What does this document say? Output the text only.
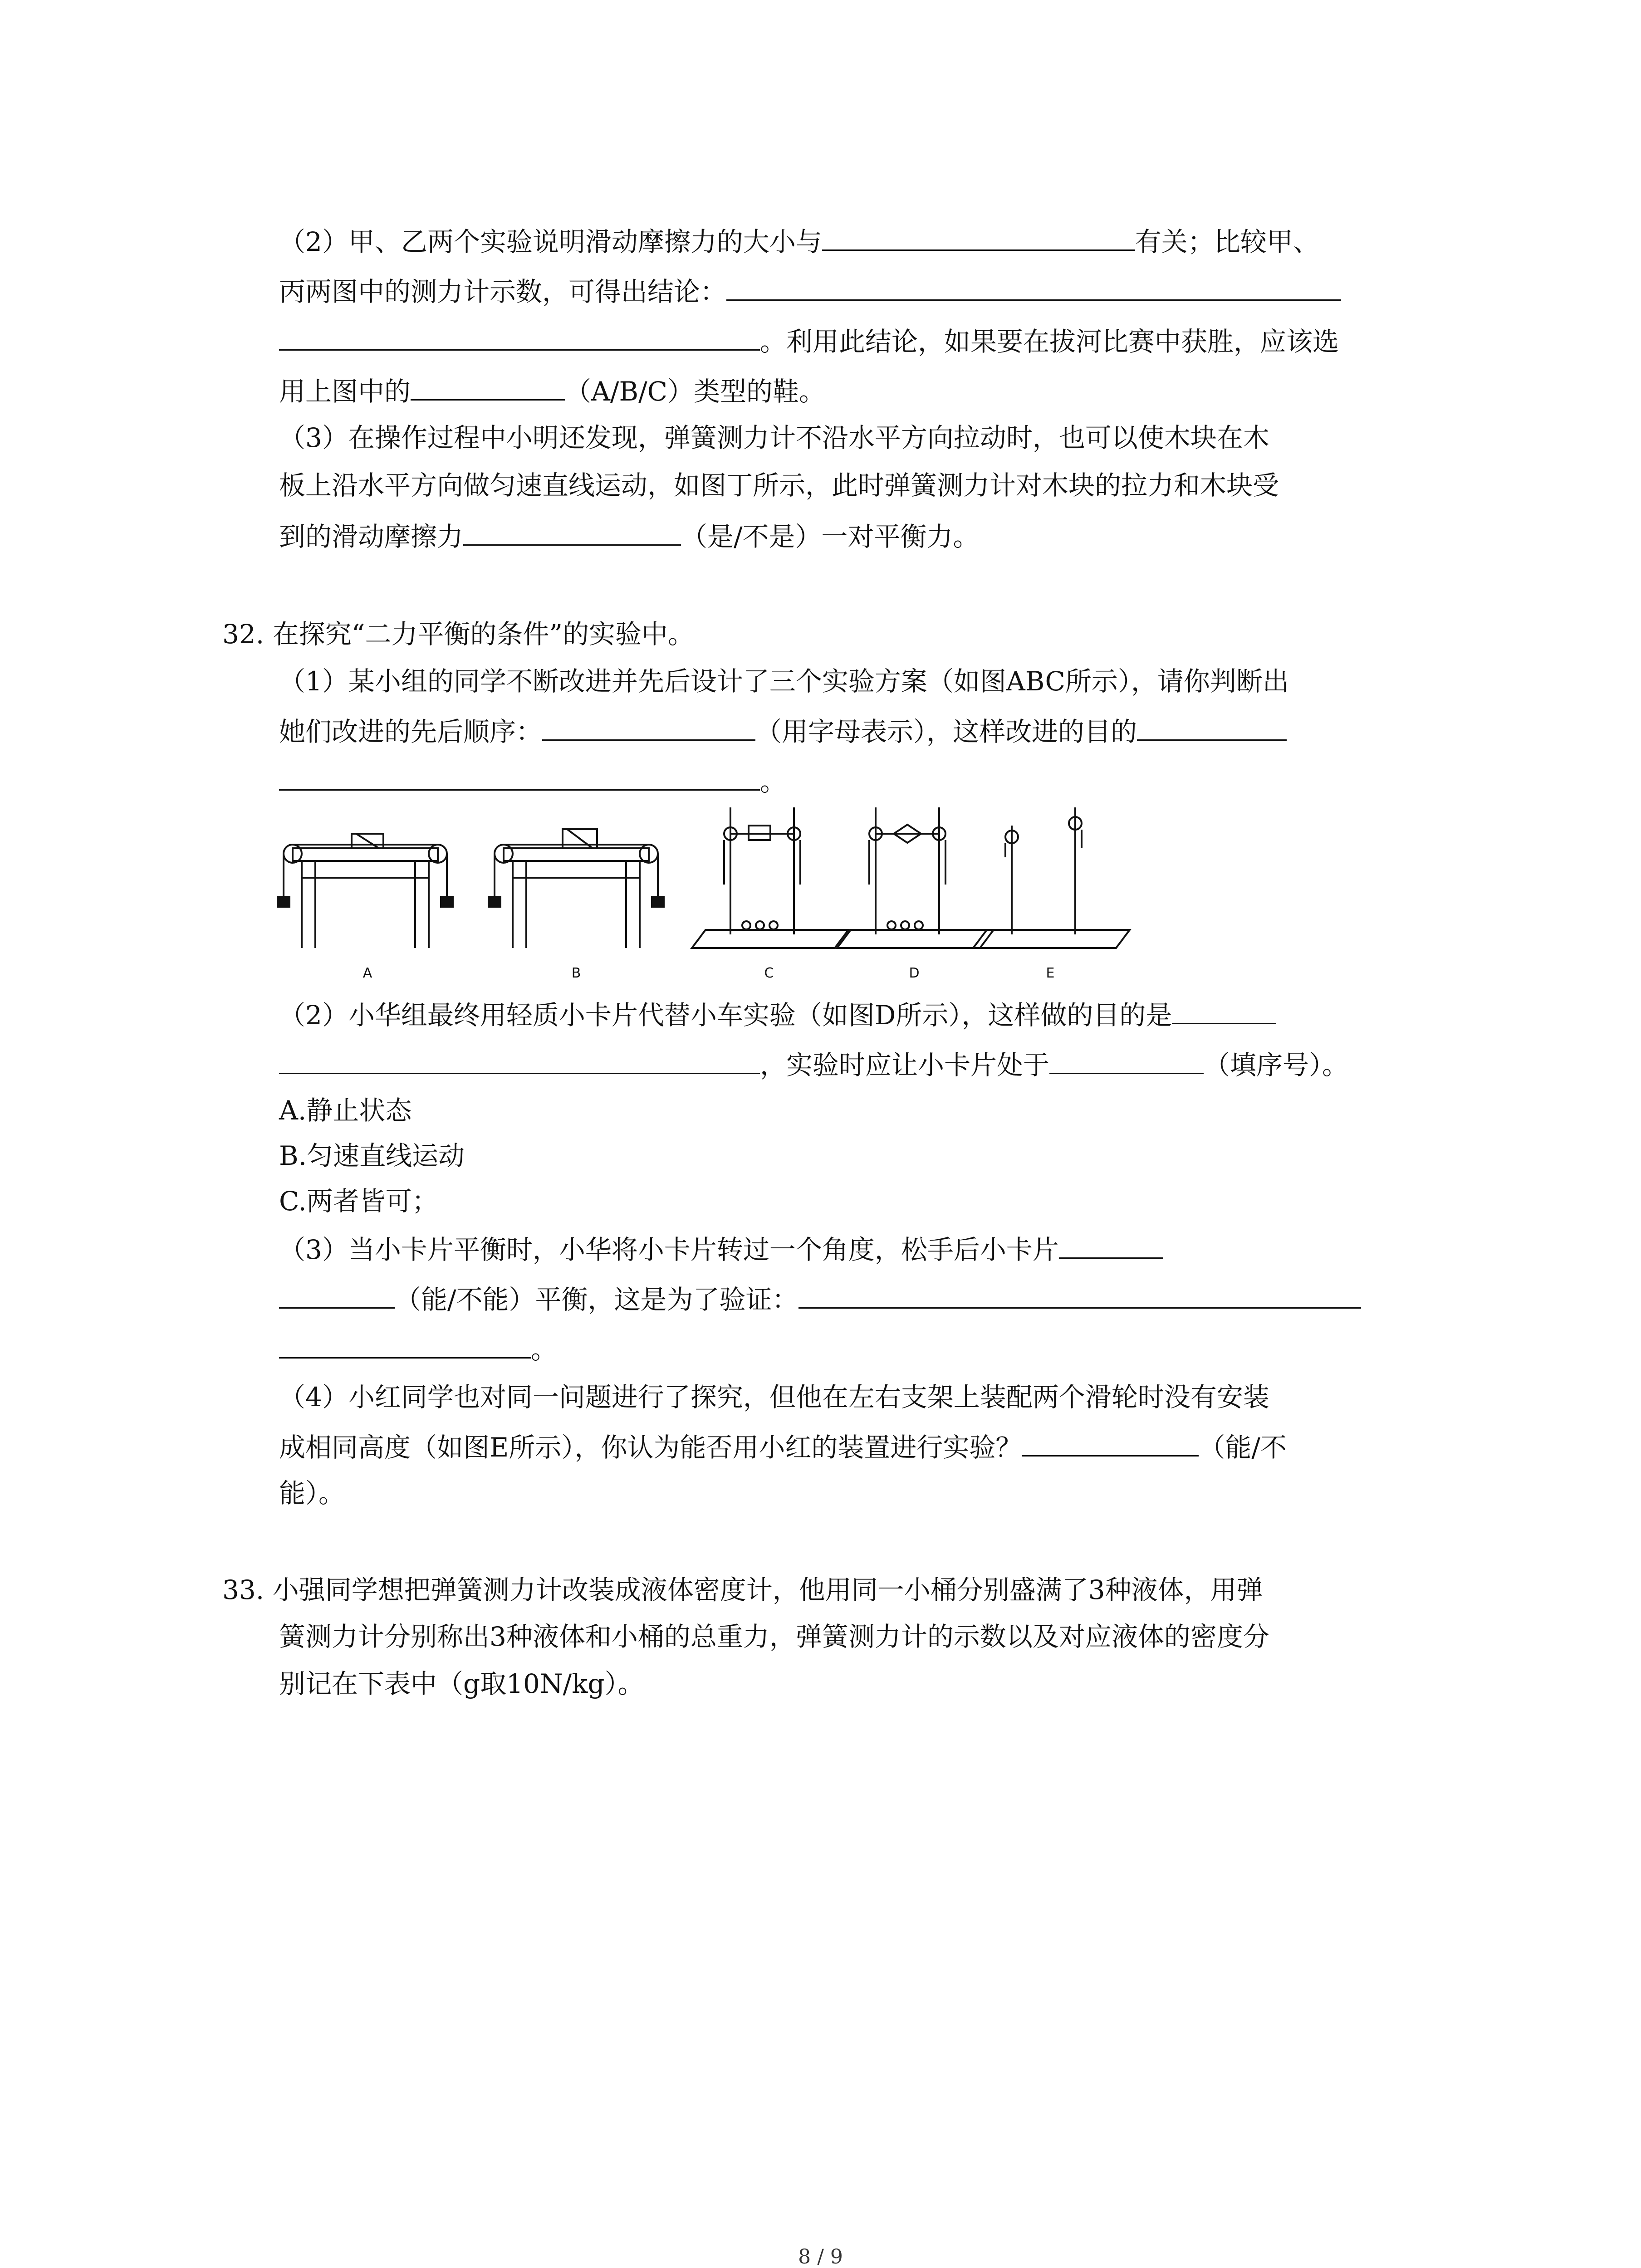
（2）甲、乙两个实验说明滑动摩擦力的大小与	有关；比较甲、
丙两图中的测力计示数，可得出结论：
。利用此结论，如果要在拔河比赛中获胜，应该选
用上图中的	（A/B/C）类型的鞋。
（3）在操作过程中小明还发现，弹簧测力计不沿水平方向拉动时，也可以使木块在木
板上沿水平方向做匀速直线运动，如图丁所示，此时弹簧测力计对木块的拉力和木块受
到的滑动摩擦力	（是/不是）一对平衡力。
32. 在探究“二力平衡的条件”的实验中。
（1）某小组的同学不断改进并先后设计了三个实验方案（如图ABC所示），请你判断出
她们改进的先后顺序：	（用字母表示），这样改进的目的
。
A	B	C	D	E
（2）小华组最终用轻质小卡片代替小车实验（如图D所示），这样做的目的是
，实验时应让小卡片处于	（填序号）。
A.静止状态
B.匀速直线运动
C.两者皆可；
（3）当小卡片平衡时，小华将小卡片转过一个角度，松手后小卡片
（能/不能）平衡，这是为了验证：
。
（4）小红同学也对同一问题进行了探究，但他在左右支架上装配两个滑轮时没有安装
成相同高度（如图E所示），你认为能否用小红的装置进行实验？	（能/不
能）。
33. 小强同学想把弹簧测力计改装成液体密度计，他用同一小桶分别盛满了3种液体，用弹
簧测力计分别称出3种液体和小桶的总重力，弹簧测力计的示数以及对应液体的密度分
别记在下表中（g取10N/kg）。
8 / 9
